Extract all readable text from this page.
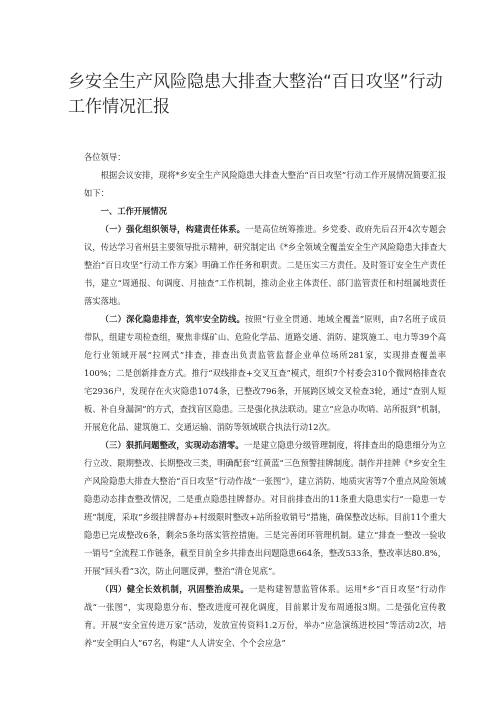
乡安全生产风险隐患大排查大整治“百日攻坚”行动工作情况汇报

各位领导：

根据会议安排，现将*乡安全生产风险隐患大排查大整治“百日攻坚”行动工作开展情况简要汇报如下：

一、工作开展情况

（一）强化组织领导，构建责任体系。一是高位统筹推进。乡党委、政府先后召开4次专题会议，传达学习省州县主要领导批示精神，研究制定出《*乡全领域全覆盖安全生产风险隐患大排查大整治“百日攻坚”行动工作方案》明确工作任务和职责。二是压实三方责任。及时签订安全生产责任书，建立“周通报、旬调度、月抽查”工作机制，推动企业主体责任、部门监管责任和村组属地责任落实落地。

（二）深化隐患排查，筑牢安全防线。按照“行业全贯通、地域全覆盖”原则，由7名班子成员带队，组建专项检查组，聚焦非煤矿山、危险化学品、道路交通、消防、建筑施工、电力等39个高危行业领域开展“拉网式”排查，排查出负责监管监督企业单位场所281家，实现排查覆盖率100%；二是创新排查方式。推行“双线排查+交叉互查”模式，组织7个村委会310个微网格排查农宅2936户，发现存在火灾隐患1074条，已整改796条，开展跨区域交叉检查3轮，通过“查别人短板、补自身漏洞”的方式，查找盲区隐患。三是强化执法联动。建立“应急办吹哨、站所报到”机制，开展危化品、建筑施工、交通运输、消防等领域联合执法行动12次。

（三）狠抓问题整改，实现动态清零。一是建立隐患分级管理制度，将排查出的隐患细分为立行立改、限期整改、长期整改三类，明确配套“红黄蓝”三色预警挂牌制度。制作并挂牌《*乡安全生产风险隐患大排查大整治“百日攻坚”行动作战“一张图”》，建立消防、地质灾害等7个重点风险领域隐患动态排查整改情况，二是重点隐患挂牌督办。对目前排查出的11条重大隐患实行“一隐患一专班”制度，采取“乡级挂牌督办+村级限时整改+站所验收销号”措施，确保整改达标。目前11个重大隐患已完成整改6条，剩余5条均落实管控措施。三是完善闭环管理机制。建立“排查一整改一验收一销号”全流程工作链条，截至目前全乡共排查出问题隐患664条，整改533条，整改率达80.8%，开展“回头看”3次，防止问题反弹，整治“清仓见底”。

（四）健全长效机制，巩固整治成果。一是构建智慧监管体系。运用*乡“百日攻坚”行动作战“一张图”，实现隐患分布、整改进度可视化调度，目前累计发布周通报3期。二是强化宣传教育。开展“安全宣传进万家”活动，发放宣传资料1.2万份，举办“应急演练进校园”等活动2次，培养“安全明白人”67名，构建“人人讲安全、个个会应急”
